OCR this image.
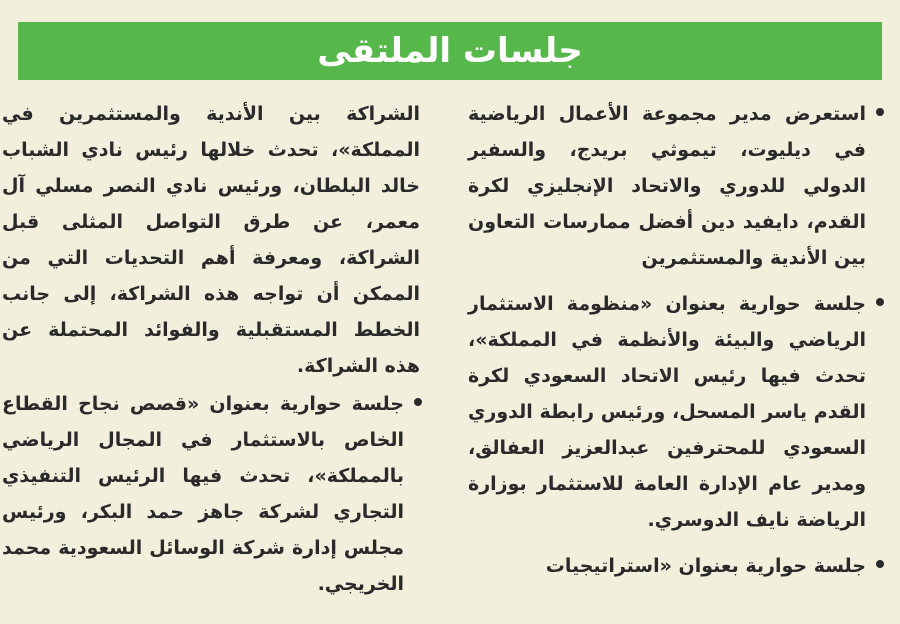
جلسات الملتقى
استعرض مدير مجموعة الأعمال الرياضية في ديليوت، تيموثي بريدج، والسفير الدولي للدوري والاتحاد الإنجليزي لكرة القدم، دايفيد دين أفضل ممارسات التعاون بين الأندية والمستثمرين
جلسة حوارية بعنوان «منظومة الاستثمار الرياضي والبيئة والأنظمة في المملكة»، تحدث فيها رئيس الاتحاد السعودي لكرة القدم ياسر المسحل، ورئيس رابطة الدوري السعودي للمحترفين عبدالعزيز العفالق، ومدير عام الإدارة العامة للاستثمار بوزارة الرياضة نايف الدوسري.
جلسة حوارية بعنوان «استراتيجيات

الشراكة بين الأندية والمستثمرين في المملكة»، تحدث خلالها رئيس نادي الشباب خالد البلطان، ورئيس نادي النصر مسلي آل معمر، عن طرق التواصل المثلى قبل الشراكة، ومعرفة أهم التحديات التي من الممكن أن تواجه هذه الشراكة، إلى جانب الخطط المستقبلية والفوائد المحتملة عن هذه الشراكة.

جلسة حوارية بعنوان «قصص نجاح القطاع الخاص بالاستثمار في المجال الرياضي بالمملكة»، تحدث فيها الرئيس التنفيذي التجاري لشركة جاهز حمد البكر، ورئيس مجلس إدارة شركة الوسائل السعودية محمد الخريجي.
